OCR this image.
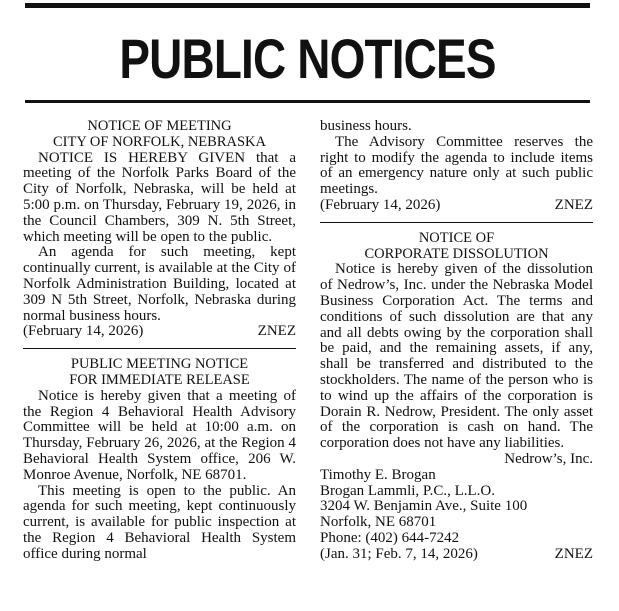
PUBLIC NOTICES
NOTICE OF MEETING
CITY OF NORFOLK, NEBRASKA

NOTICE IS HEREBY GIVEN that a meeting of the Norfolk Parks Board of the City of Norfolk, Nebraska, will be held at 5:00 p.m. on Thursday, February 19, 2026, in the Council Chambers, 309 N. 5th Street, which meeting will be open to the public.

An agenda for such meeting, kept continually current, is available at the City of Norfolk Administration Building, located at 309 N 5th Street, Norfolk, Nebraska during normal business hours.

(February 14, 2026)	ZNEZ
PUBLIC MEETING NOTICE
FOR IMMEDIATE RELEASE

Notice is hereby given that a meeting of the Region 4 Behavioral Health Advisory Committee will be held at 10:00 a.m. on Thursday, February 26, 2026, at the Region 4 Behavioral Health System office, 206 W. Monroe Avenue, Norfolk, NE 68701.

This meeting is open to the public. An agenda for such meeting, kept continuously current, is available for public inspection at the Region 4 Behavioral Health System office during normal

business hours.

The Advisory Committee reserves the right to modify the agenda to include items of an emergency nature only at such public meetings.

(February 14, 2026)	ZNEZ
NOTICE OF
CORPORATE DISSOLUTION

Notice is hereby given of the dissolution of Nedrow’s, Inc. under the Nebraska Model Business Corporation Act. The terms and conditions of such dissolution are that any and all debts owing by the corporation shall be paid, and the remaining assets, if any, shall be transferred and distributed to the stockholders. The name of the person who is to wind up the affairs of the corporation is Dorain R. Nedrow, President. The only asset of the corporation is cash on hand. The corporation does not have any liabilities.

Nedrow’s, Inc.

Timothy E. Brogan

Brogan Lammli, P.C., L.L.O.

3204 W. Benjamin Ave., Suite 100

Norfolk, NE 68701

Phone: (402) 644-7242

(Jan. 31; Feb. 7, 14, 2026)	ZNEZ
